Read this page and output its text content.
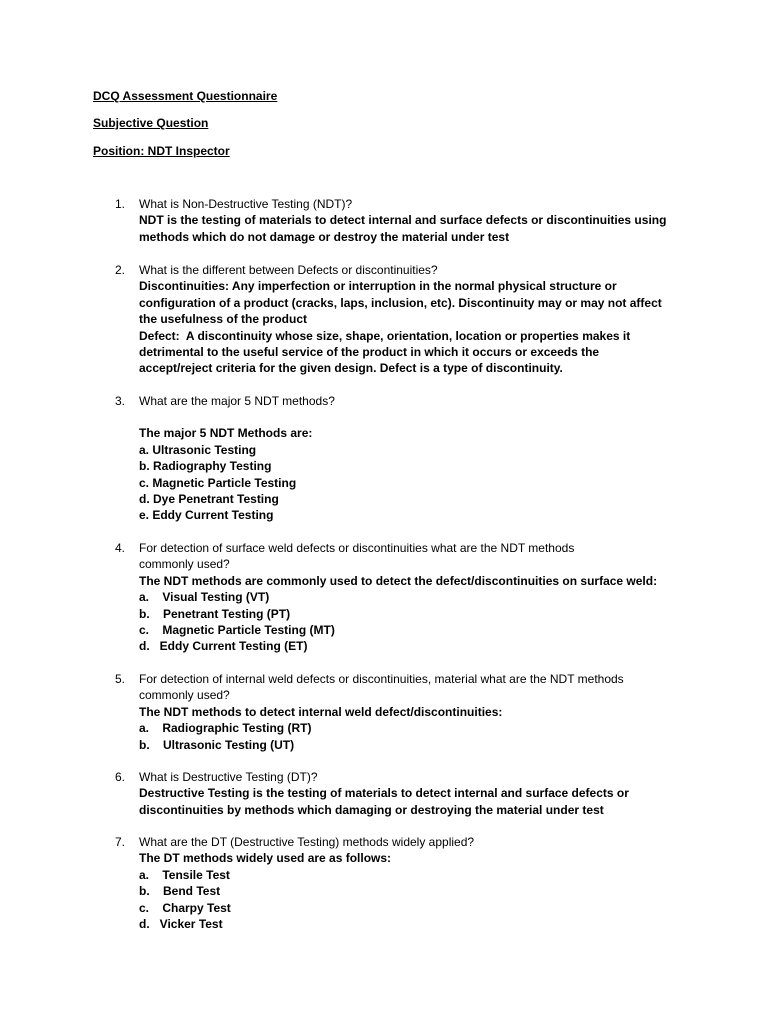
DCQ Assessment Questionnaire
Subjective Question
Position: NDT Inspector
1. What is Non-Destructive Testing (NDT)?
NDT is the testing of materials to detect internal and surface defects or discontinuities using
methods which do not damage or destroy the material under test
2. What is the different between Defects or discontinuities?
Discontinuities: Any imperfection or interruption in the normal physical structure or
configuration of a product (cracks, laps, inclusion, etc). Discontinuity may or may not affect
the usefulness of the product
Defect:  A discontinuity whose size, shape, orientation, location or properties makes it
detrimental to the useful service of the product in which it occurs or exceeds the
accept/reject criteria for the given design. Defect is a type of discontinuity.
3. What are the major 5 NDT methods?
The major 5 NDT Methods are:
a. Ultrasonic Testing
b. Radiography Testing
c. Magnetic Particle Testing
d. Dye Penetrant Testing
e. Eddy Current Testing
4. For detection of surface weld defects or discontinuities what are the NDT methods
commonly used?
The NDT methods are commonly used to detect the defect/discontinuities on surface weld:
a.    Visual Testing (VT)
b.    Penetrant Testing (PT)
c.    Magnetic Particle Testing (MT)
d.   Eddy Current Testing (ET)
5. For detection of internal weld defects or discontinuities, material what are the NDT methods
commonly used?
The NDT methods to detect internal weld defect/discontinuities:
a.    Radiographic Testing (RT)
b.    Ultrasonic Testing (UT)
6. What is Destructive Testing (DT)?
Destructive Testing is the testing of materials to detect internal and surface defects or
discontinuities by methods which damaging or destroying the material under test
7. What are the DT (Destructive Testing) methods widely applied?
The DT methods widely used are as follows:
a.    Tensile Test
b.    Bend Test
c.    Charpy Test
d.   Vicker Test
